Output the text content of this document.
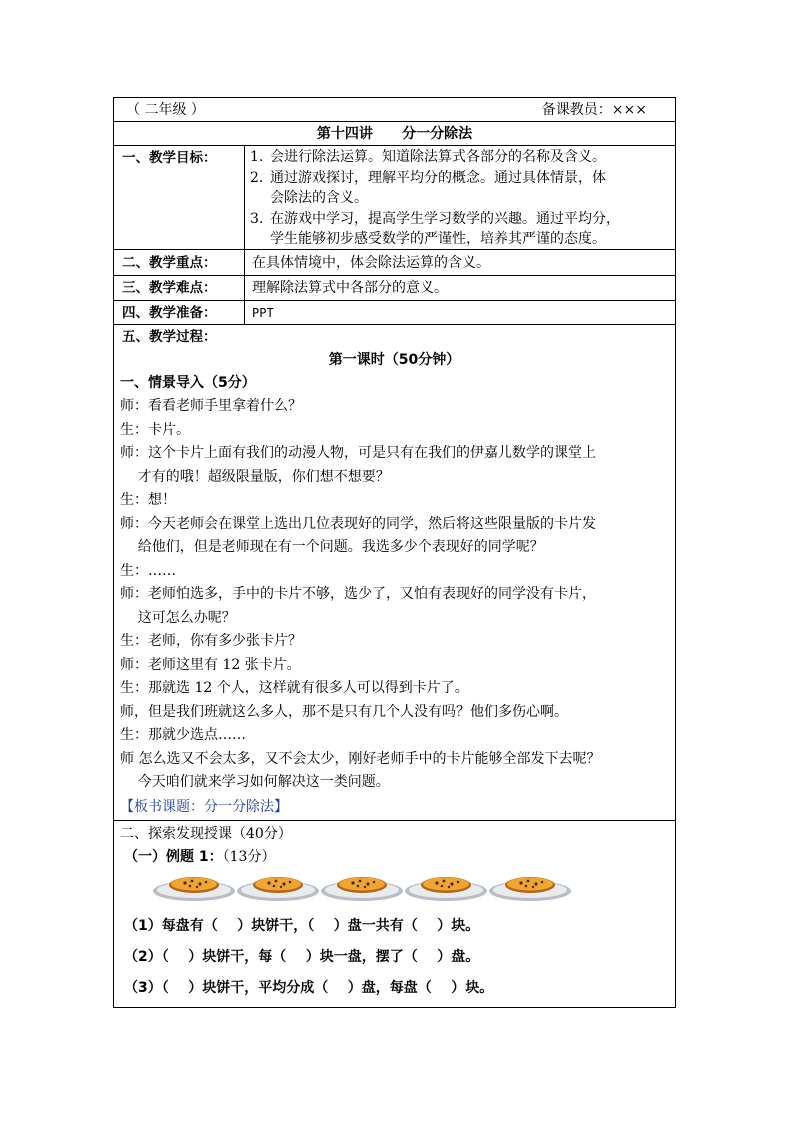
（ 二年级 ）	备课教员：×××
第十四讲      分一分除法
一、教学目标： 1. 会进行除法运算。知道除法算式各部分的名称及含义。
2. 通过游戏探讨，理解平均分的概念。通过具体情景，体
会除法的含义。
3. 在游戏中学习，提高学生学习数学的兴趣。通过平均分，
学生能够初步感受数学的严谨性，培养其严谨的态度。
二、教学重点：	在具体情境中，体会除法运算的含义。
三、教学难点：	理解除法算式中各部分的意义。
四、教学准备：	PPT
五、教学过程：
第一课时（50分钟）
一、情景导入（5分）
师：看看老师手里拿着什么？
生：卡片。
师：这个卡片上面有我们的动漫人物，可是只有在我们的伊嘉儿数学的课堂上
才有的哦！超级限量版，你们想不想要？
生：想！
师：今天老师会在课堂上选出几位表现好的同学，然后将这些限量版的卡片发
给他们，但是老师现在有一个问题。我选多少个表现好的同学呢？
生：……
师：老师怕选多，手中的卡片不够，选少了，又怕有表现好的同学没有卡片，
这可怎么办呢？
生：老师，你有多少张卡片？
师：老师这里有 12 张卡片。
生：那就选 12 个人，这样就有很多人可以得到卡片了。
师，但是我们班就这么多人，那不是只有几个人没有吗？他们多伤心啊。
生：那就少选点……
师 怎么选又不会太多，又不会太少，刚好老师手中的卡片能够全部发下去呢？
今天咱们就来学习如何解决这一类问题。
【板书课题：分一分除法】
二、探索发现授课（40分）
（一）例题 1：（13分）
（1）每盘有（    ）块饼干，（    ）盘一共有（    ）块。
（2）（    ）块饼干，每（    ）块一盘，摆了（    ）盘。
（3）（    ）块饼干，平均分成（    ）盘，每盘（    ）块。
